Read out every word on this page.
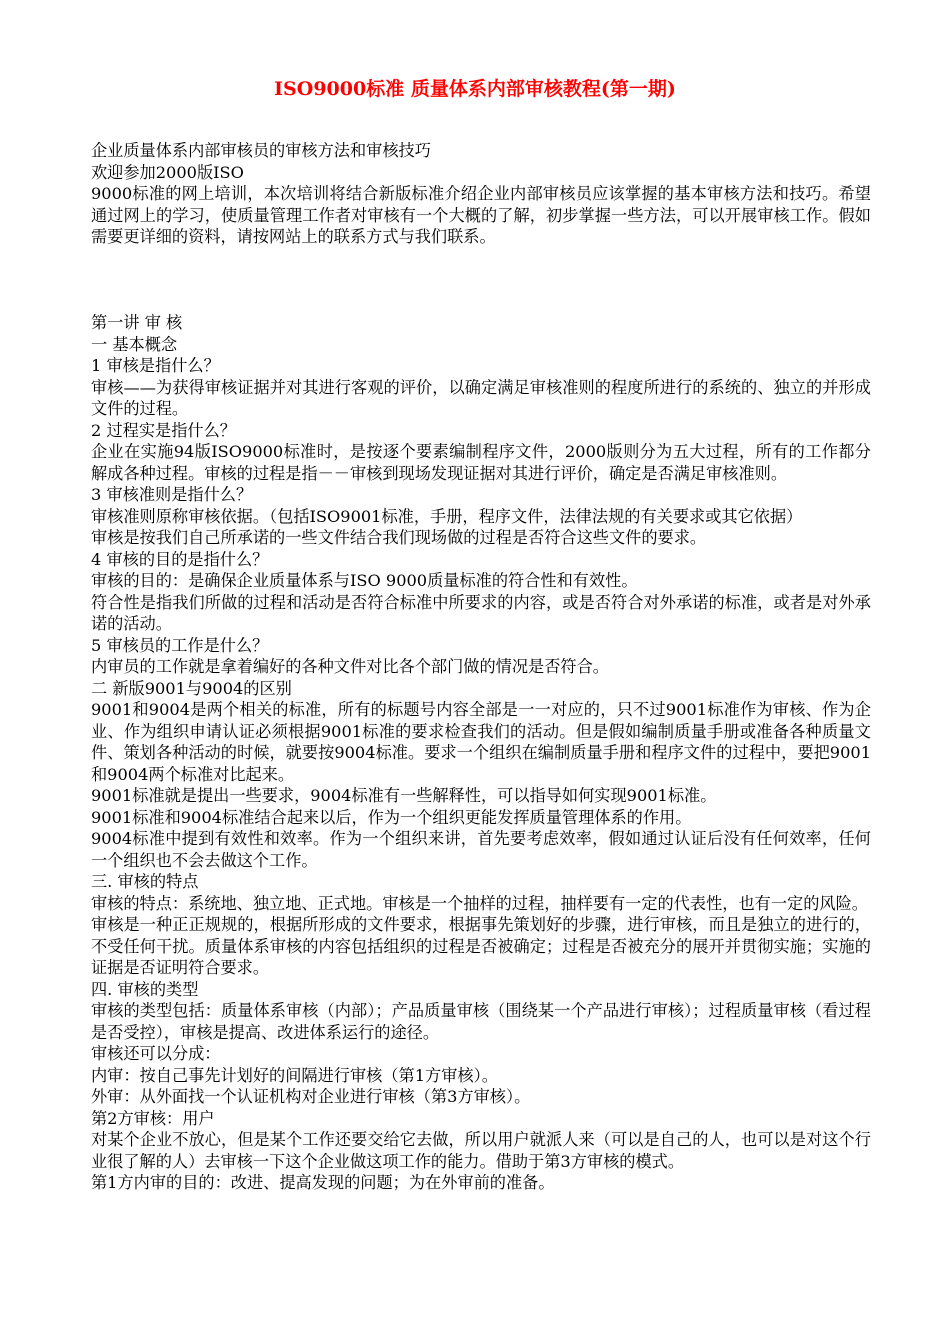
ISO9000标准 质量体系内部审核教程(第一期)

企业质量体系内部审核员的审核方法和审核技巧

欢迎参加2000版ISO

9000标准的网上培训，本次培训将结合新版标准介绍企业内部审核员应该掌握的基本审核方法和技巧。希望通过网上的学习，使质量管理工作者对审核有一个大概的了解，初步掌握一些方法，可以开展审核工作。假如需要更详细的资料，请按网站上的联系方式与我们联系。

第一讲 审 核

一 基本概念

1 审核是指什么？

审核——为获得审核证据并对其进行客观的评价，以确定满足审核准则的程度所进行的系统的、独立的并形成文件的过程。

2 过程实是指什么？

企业在实施94版ISO9000标准时，是按逐个要素编制程序文件，2000版则分为五大过程，所有的工作都分解成各种过程。审核的过程是指－－审核到现场发现证据对其进行评价，确定是否满足审核准则。

3 审核准则是指什么？

审核准则原称审核依据。（包括ISO9001标准，手册，程序文件，法律法规的有关要求或其它依据）

审核是按我们自己所承诺的一些文件结合我们现场做的过程是否符合这些文件的要求。

4 审核的目的是指什么？

审核的目的：是确保企业质量体系与ISO 9000质量标准的符合性和有效性。

符合性是指我们所做的过程和活动是否符合标准中所要求的内容，或是否符合对外承诺的标准，或者是对外承诺的活动。

5 审核员的工作是什么？

内审员的工作就是拿着编好的各种文件对比各个部门做的情况是否符合。

二 新版9001与9004的区别

9001和9004是两个相关的标准，所有的标题号内容全部是一一对应的，只不过9001标准作为审核、作为企业、作为组织申请认证必须根据9001标准的要求检查我们的活动。但是假如编制质量手册或准备各种质量文件、策划各种活动的时候，就要按9004标准。要求一个组织在编制质量手册和程序文件的过程中，要把9001和9004两个标准对比起来。

9001标准就是提出一些要求，9004标准有一些解释性，可以指导如何实现9001标准。

9001标准和9004标准结合起来以后，作为一个组织更能发挥质量管理体系的作用。

9004标准中提到有效性和效率。作为一个组织来讲，首先要考虑效率，假如通过认证后没有任何效率，任何一个组织也不会去做这个工作。

三. 审核的特点

审核的特点：系统地、独立地、正式地。审核是一个抽样的过程，抽样要有一定的代表性，也有一定的风险。

审核是一种正正规规的，根据所形成的文件要求，根据事先策划好的步骤，进行审核，而且是独立的进行的，不受任何干扰。质量体系审核的内容包括组织的过程是否被确定；过程是否被充分的展开并贯彻实施；实施的证据是否证明符合要求。

四. 审核的类型

审核的类型包括：质量体系审核（内部）；产品质量审核（围绕某一个产品进行审核）；过程质量审核（看过程是否受控），审核是提高、改进体系运行的途径。

审核还可以分成：

内审：按自己事先计划好的间隔进行审核（第1方审核）。

外审：从外面找一个认证机构对企业进行审核（第3方审核）。

第2方审核：用户

对某个企业不放心，但是某个工作还要交给它去做，所以用户就派人来（可以是自己的人，也可以是对这个行业很了解的人）去审核一下这个企业做这项工作的能力。借助于第3方审核的模式。

第1方内审的目的：改进、提高发现的问题；为在外审前的准备。
